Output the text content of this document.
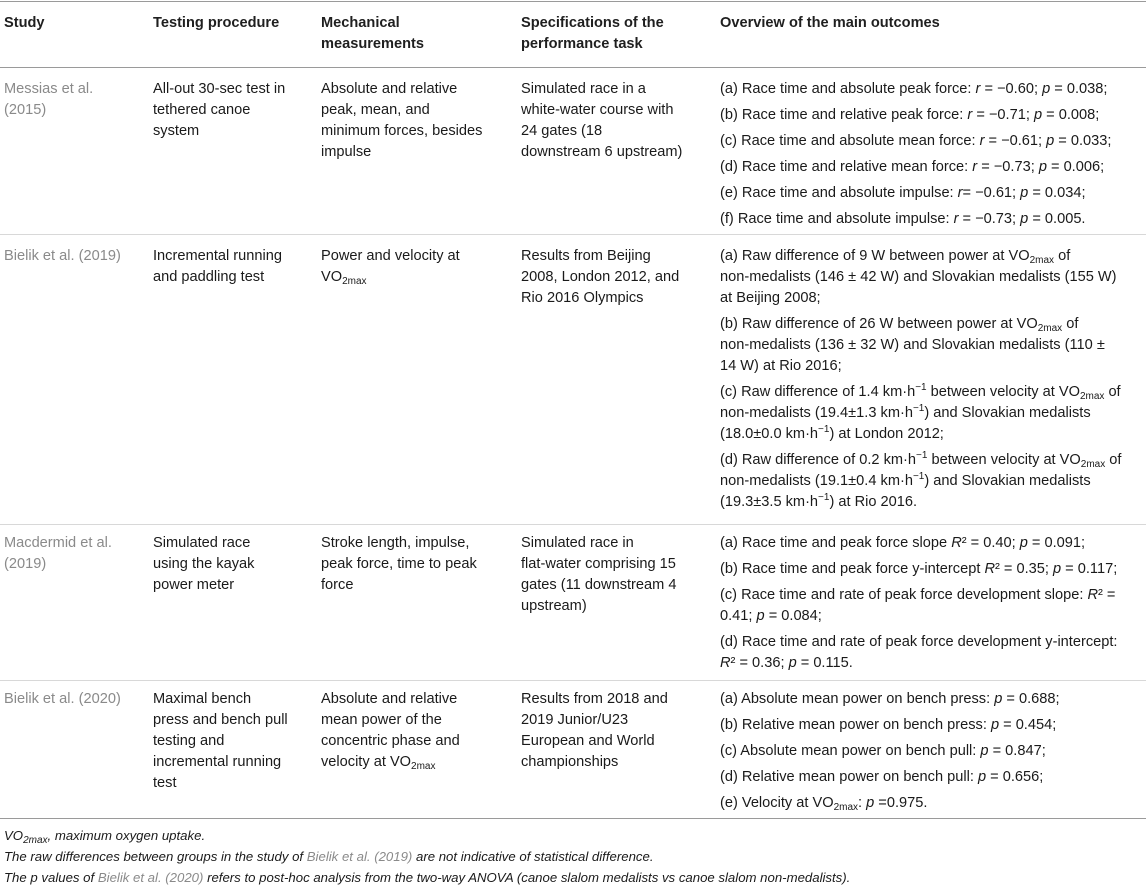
Study	Testing procedure	Mechanical
measurements
Specifications of the
performance task
Overview of the main outcomes
Messias et al.
(2015)
All-out 30-sec test in
tethered canoe
system
Absolute and relative
peak, mean, and
minimum forces, besides
impulse
Simulated race in a
white-water course with
24 gates (18
downstream 6 upstream)
(a) Race time and absolute peak force: r = −0.60; p = 0.038;
(b) Race time and relative peak force: r = −0.71; p = 0.008;
(c) Race time and absolute mean force: r = −0.61; p = 0.033;
(d) Race time and relative mean force: r = −0.73; p = 0.006;
(e) Race time and absolute impulse: r= −0.61; p = 0.034;
(f) Race time and absolute impulse: r = −0.73; p = 0.005.
Bielik et al. (2019) Incremental running
and paddling test
Power and velocity at
$VO_{2max}$
Results from Beijing
2008, London 2012, and
Rio 2016 Olympics
(a) Raw difference of 9 W between power at $VO_{2max}$ of
non-medalists (146 ± 42 W) and Slovakian medalists (155 W)
at Beijing 2008;
(b) Raw difference of 26 W between power at $VO_{2max}$ of
non-medalists (136 ± 32 W) and Slovakian medalists (110 ±
14 W) at Rio 2016;
(c) Raw difference of 1.4 $km\cdot h^{-1}$ between velocity at $VO_{2max}$ of
non-medalists (19.4±1.3 $km\cdot h^{-1}$) and Slovakian medalists
(18.0±0.0 $km\cdot h^{-1}$) at London 2012;
(d) Raw difference of 0.2 $km\cdot h^{-1}$ between velocity at $VO_{2max}$ of
non-medalists (19.1±0.4 $km\cdot h^{-1}$) and Slovakian medalists
(19.3±3.5 $km\cdot h^{-1}$) at Rio 2016.
Macdermid et al.
(2019)
Simulated race
using the kayak
power meter
Stroke length, impulse,
peak force, time to peak
force
Simulated race in
flat-water comprising 15
gates (11 downstream 4
upstream)
(a) Race time and peak force slope R² = 0.40; p = 0.091;
(b) Race time and peak force y-intercept R² = 0.35; p = 0.117;
(c) Race time and rate of peak force development slope: R² =
0.41; p = 0.084;
(d) Race time and rate of peak force development y-intercept:
R² = 0.36; p = 0.115.
Bielik et al. (2020) Maximal bench
press and bench pull
testing and
incremental running
test
Absolute and relative
mean power of the
concentric phase and
velocity at $VO_{2max}$
Results from 2018 and
2019 Junior/U23
European and World
championships
(a) Absolute mean power on bench press: p = 0.688;
(b) Relative mean power on bench press: p = 0.454;
(c) Absolute mean power on bench pull: p = 0.847;
(d) Relative mean power on bench pull: p = 0.656;
(e) Velocity at $VO_{2max}$: p =0.975.
$VO_{2max}$, maximum oxygen uptake.
The raw differences between groups in the study of Bielik et al. (2019) are not indicative of statistical difference.
The p values of Bielik et al. (2020) refers to post-hoc analysis from the two-way ANOVA (canoe slalom medalists vs canoe slalom non-medalists).
